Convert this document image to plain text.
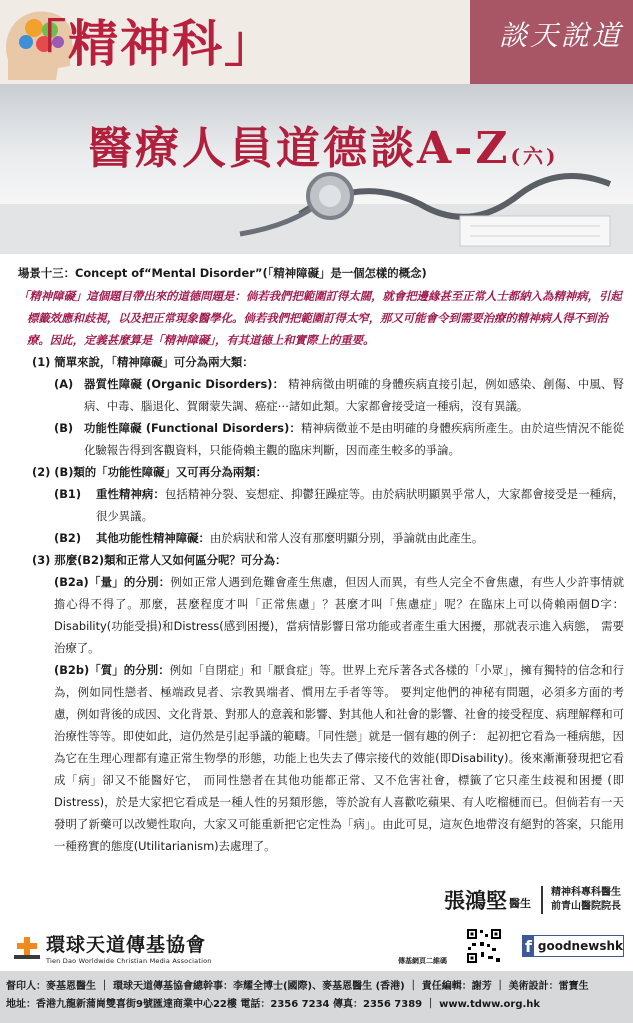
「精神科」	談天說道
醫療人員道德談A-Z(六)
場景十三：Concept of“Mental Disorder”(「精神障礙」是一個怎樣的概念)
「精神障礙」這個題目帶出來的道德問題是：倘若我們把範圍訂得太闊，就會把邊緣甚至正常人士都納入為精神病，引起標籤效應和歧視，以及把正常現象醫學化。倘若我們把範圍訂得太窄，那又可能會令到需要治療的精神病人得不到治療。因此，定義甚麼算是「精神障礙」，有其道德上和實際上的重要。
(1) 簡單來說，「精神障礙」可分為兩大類：
(A) 器質性障礙 (Organic Disorders)： 精神病徵由明確的身體疾病直接引起，例如感染、創傷、中風、腎病、中毒、腦退化、賀爾蒙失調、癌症⋯諸如此類。大家都會接受這一種病，沒有異議。
(B) 功能性障礙 (Functional Disorders)：精神病徵並不是由明確的身體疾病所產生。由於這些情況不能從化驗報告得到客觀資料，只能倚賴主觀的臨床判斷，因而產生較多的爭論。
(2) (B)類的「功能性障礙」又可再分為兩類：
(B1)	重性精神病：包括精神分裂、妄想症、抑鬱狂躁症等。由於病狀明顯異乎常人，大家都會接受是一種病，很少異議。
(B2)	其他功能性精神障礙：由於病狀和常人沒有那麼明顯分別，爭論就由此產生。
(3) 那麼(B2)類和正常人又如何區分呢？可分為：
(B2a)「量」的分別：例如正常人遇到危難會產生焦慮，但因人而異，有些人完全不會焦慮，有些人少許事情就擔心得不得了。那麼，甚麼程度才叫「正常焦慮」？甚麼才叫「焦慮症」呢？在臨床上可以倚賴兩個D字：Disability(功能受損)和Distress(感到困擾)，當病情影響日常功能或者產生重大困擾，那就表示進入病態， 需要治療了。
(B2b)「質」的分別：例如「自閉症」和「厭食症」等。世界上充斥著各式各樣的「小眾」，擁有獨特的信念和行為，例如同性戀者、極端政見者、宗教異端者、慣用左手者等等。 要判定他們的神秘有問題，必須多方面的考慮，例如背後的成因、文化背景、對那人的意義和影響、對其他人和社會的影響、社會的接受程度、病理解釋和可治療性等等。即使如此，這仍然是引起爭議的範疇。「同性戀」就是一個有趣的例子： 起初把它看為一種病態，因為它在生理心理都有違正常生物學的形態，功能上也失去了傳宗接代的效能(即Disability)。後來漸漸發現把它看成「病」卻又不能醫好它， 而同性戀者在其他功能都正常、又不危害社會，標籤了它只產生歧視和困擾 (即Distress)，於是大家把它看成是一種人性的另類形態，等於說有人喜歡吃蘋果、有人吃榴槤而已。但倘若有一天發明了新藥可以改變性取向，大家又可能重新把它定性為「病」。由此可見，這灰色地帶沒有絕對的答案，只能用一種務實的態度(Utilitarianism)去處理了。
張鴻堅 醫生
精神科專科醫生
前青山醫院院長
環球天道傳基協會
Tien Dao Worldwide Christian Media Association	傳基網頁二維碼
f goodnewshk
督印人：麥基恩醫生 ｜ 環球天道傳基協會總幹事：李耀全博士(國際)、麥基恩醫生 (香港) ｜ 責任編輯：謝芳 ｜ 美術設計：雷寶生
地址：香港九龍新蒲崗雙喜街9號匯達商業中心22樓 電話：2356 7234 傳真：2356 7389 ｜ www.tdww.org.hk
